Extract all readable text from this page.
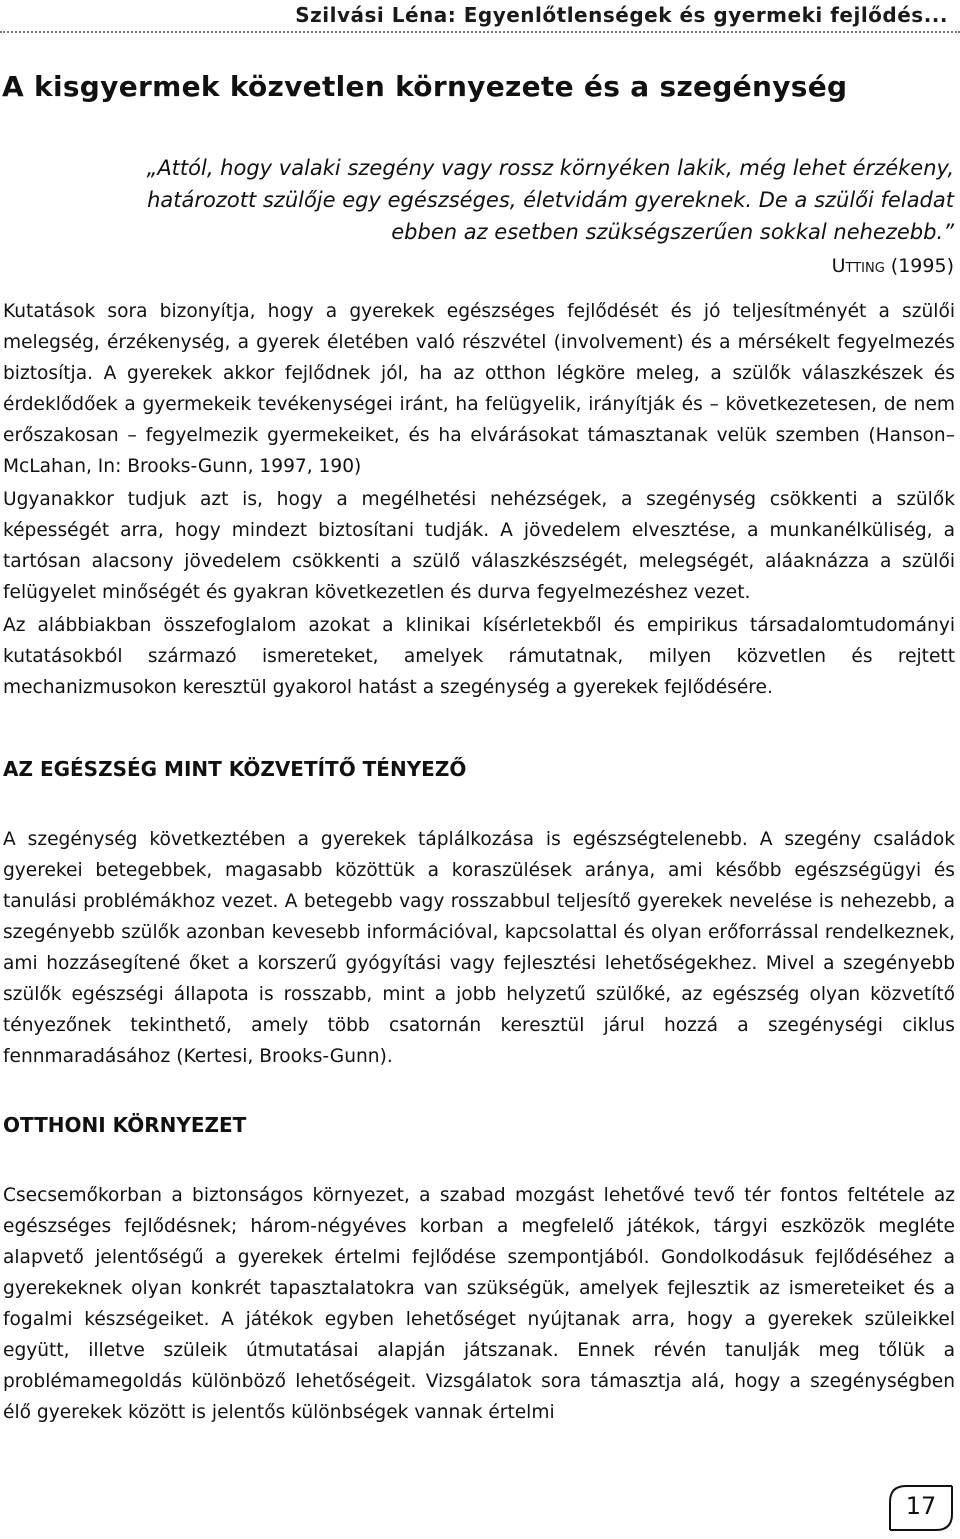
Szilvási Léna: Egyenlőtlenségek és gyermeki fejlődés...
A kisgyermek közvetlen környezete és a szegénység
„Attól, hogy valaki szegény vagy rossz környéken lakik, még lehet érzékeny,
határozott szülője egy egészséges, életvidám gyereknek. De a szülői feladat
ebben az esetben szükségszerűen sokkal nehezebb.”
Utting (1995)

Kutatások sora bizonyítja, hogy a gyerekek egészséges fejlődését és jó teljesítményét a szülői melegség, érzékenység, a gyerek életében való részvétel (involvement) és a mérsékelt fegyelmezés biztosítja. A gyerekek akkor fejlődnek jól, ha az otthon légköre meleg, a szülők válaszkészek és érdeklődőek a gyermekeik tevékenységei iránt, ha felügyelik, irányítják és – következetesen, de nem erőszakosan – fegyelmezik gyermekeiket, és ha elvárásokat támasztanak velük szemben (Hanson–McLahan, In: Brooks-Gunn, 1997, 190)

Ugyanakkor tudjuk azt is, hogy a megélhetési nehézségek, a szegénység csökkenti a szülők képességét arra, hogy mindezt biztosítani tudják. A jövedelem elvesztése, a munkanélküliség, a tartósan alacsony jövedelem csökkenti a szülő válaszkészségét, melegségét, aláaknázza a szülői felügyelet minőségét és gyakran következetlen és durva fegyelmezéshez vezet.

Az alábbiakban összefoglalom azokat a klinikai kísérletekből és empirikus társadalomtudományi kutatásokból származó ismereteket, amelyek rámutatnak, milyen közvetlen és rejtett mechanizmusokon keresztül gyakorol hatást a szegénység a gyerekek fejlődésére.

AZ EGÉSZSÉG MINT KÖZVETÍTŐ TÉNYEZŐ

A szegénység következtében a gyerekek táplálkozása is egészségtelenebb. A szegény családok gyerekei betegebbek, magasabb közöttük a koraszülések aránya, ami később egészségügyi és tanulási problémákhoz vezet. A betegebb vagy rosszabbul teljesítő gyerekek nevelése is nehezebb, a szegényebb szülők azonban kevesebb információval, kapcsolattal és olyan erőforrással rendelkeznek, ami hozzásegítené őket a korszerű gyógyítási vagy fejlesztési lehetőségekhez. Mivel a szegényebb szülők egészségi állapota is rosszabb, mint a jobb helyzetű szülőké, az egészség olyan közvetítő tényezőnek tekinthető, amely több csatornán keresztül járul hozzá a szegénységi ciklus fennmaradásához (Kertesi, Brooks-Gunn).

OTTHONI KÖRNYEZET

Csecsemőkorban a biztonságos környezet, a szabad mozgást lehetővé tevő tér fontos feltétele az egészséges fejlődésnek; három-négyéves korban a megfelelő játékok, tárgyi eszközök megléte alapvető jelentőségű a gyerekek értelmi fejlődése szempontjából. Gondolkodásuk fejlődéséhez a gyerekeknek olyan konkrét tapasztalatokra van szükségük, amelyek fejlesztik az ismereteiket és a fogalmi készségeiket. A játékok egyben lehetőséget nyújtanak arra, hogy a gyerekek szüleikkel együtt, illetve szüleik útmutatásai alapján játszanak. Ennek révén tanulják meg tőlük a problémamegoldás különböző lehetőségeit. Vizsgálatok sora támasztja alá, hogy a szegénységben élő gyerekek között is jelentős különbségek vannak értelmi

17
